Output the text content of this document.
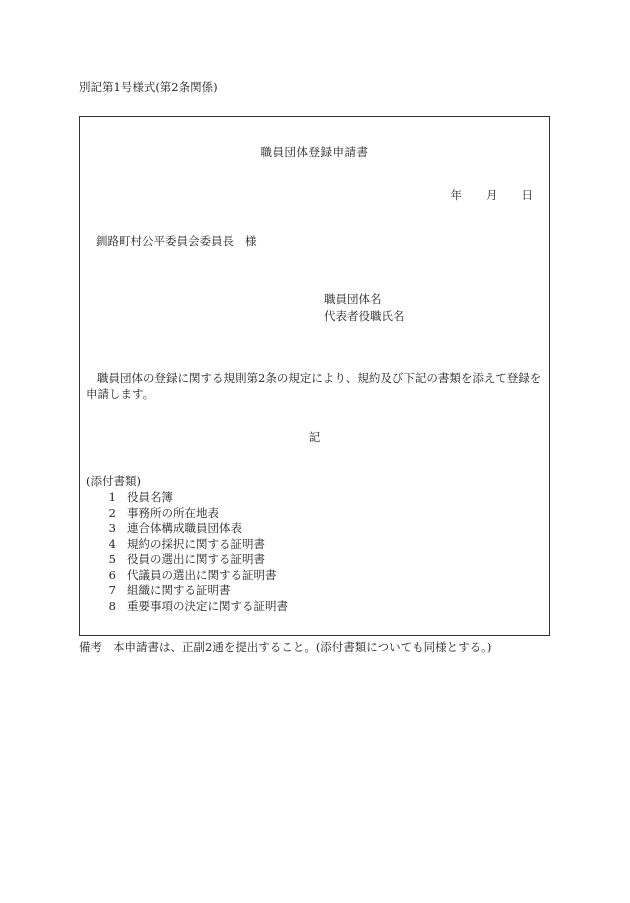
別記第1号様式(第2条関係)
職員団体登録申請書
年 月 日
釧路町村公平委員会委員長 様
職員団体名
代表者役職氏名
職員団体の登録に関する規則第2条の規定により、規約及び下記の書類を添えて登録を申請します。
記
(添付書類)
1 役員名簿
2 事務所の所在地表
3 連合体構成職員団体表
4 規約の採択に関する証明書
5 役員の選出に関する証明書
6 代議員の選出に関する証明書
7 組織に関する証明書
8 重要事項の決定に関する証明書
備考 本申請書は、正副2通を提出すること。(添付書類についても同様とする。)
